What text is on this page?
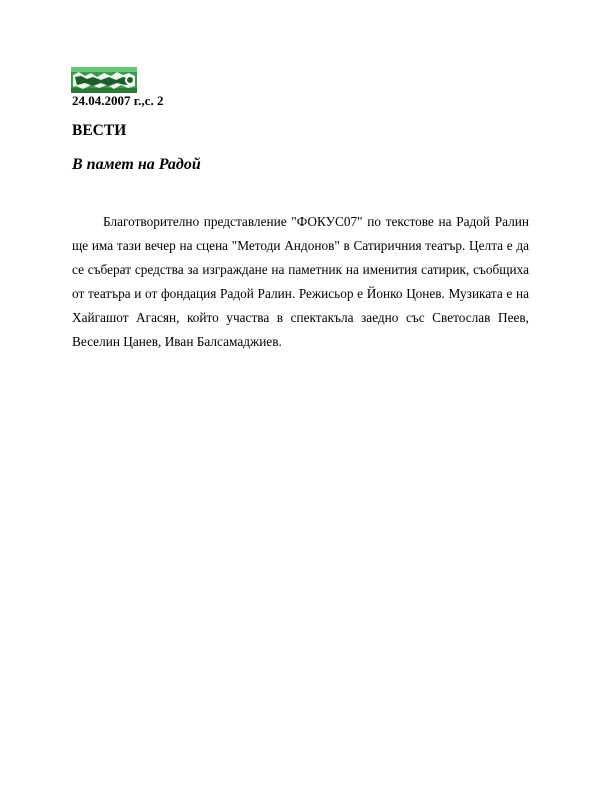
24.04.2007 г.,с. 2
ВЕСТИ
В памет на Радой

Благотворително представление "ФОКУС07" по текстове на Радой Ралин ще има тази вечер на сцена "Методи Андонов" в Сатиричния театър. Целта е да се съберат средства за изграждане на паметник на именития сатирик, съобщиха от театъра и от фондация Радой Ралин. Режисьор е Йонко Цонев. Музиката е на Хайгашот Агасян, който участва в спектакъла заедно със Светослав Пеев, Веселин Цанев, Иван Балсамаджиев.
